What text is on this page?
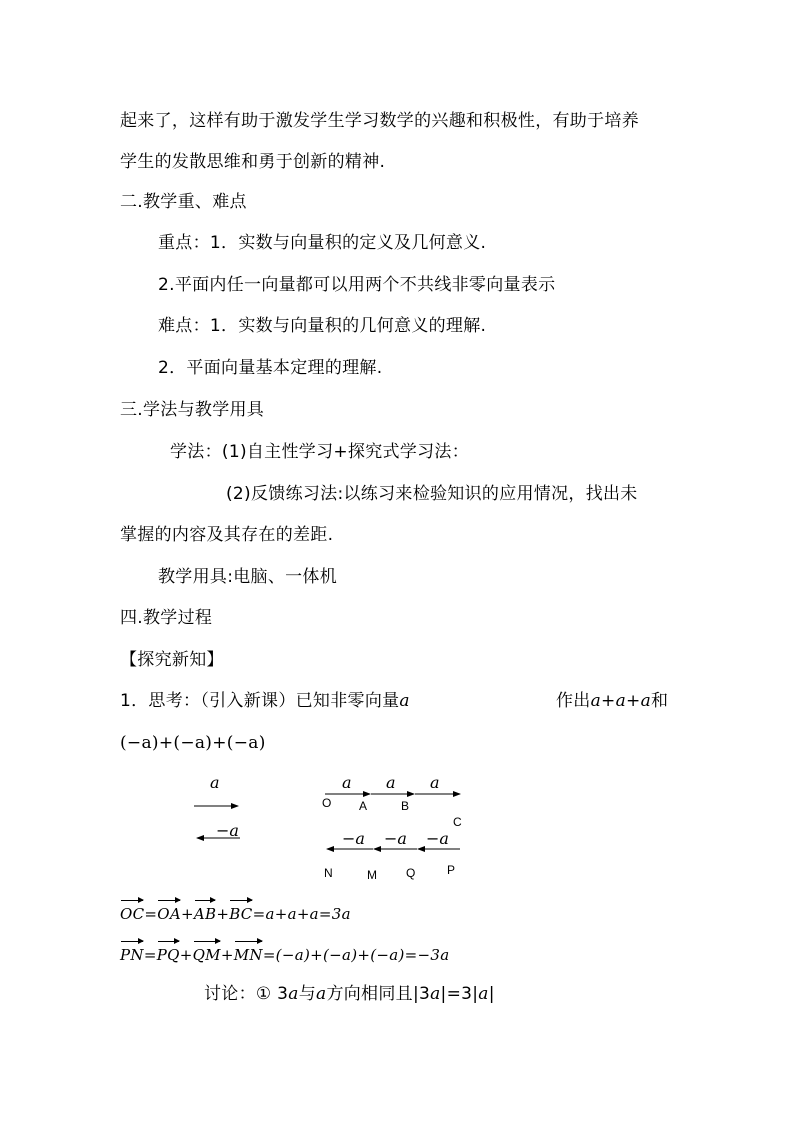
起来了，这样有助于激发学生学习数学的兴趣和积极性，有助于培养
学生的发散思维和勇于创新的精神.
二.教学重、难点
重点：1．实数与向量积的定义及几何意义.
2.平面内任一向量都可以用两个不共线非零向量表示
难点：1．实数与向量积的几何意义的理解.
2．平面向量基本定理的理解.
三.学法与教学用具
学法：(1)自主性学习+探究式学习法：
(2)反馈练习法:以练习来检验知识的应用情况，找出未
掌握的内容及其存在的差距.
教学用具:电脑、一体机
四.教学过程
【探究新知】
1．思考：（引入新课）已知非零向量a	作出a+a+a和
(−a)+(−a)+(−a)
a
−a
a a a
−a −a −a
O A	B
C
N	M Q	P
OC=OA+AB+BC=a+a+a=3a
PN=PQ+QM+MN=(−a)+(−a)+(−a)=−3a
讨论：① 3a与a方向相同且|3a|=3|a|
